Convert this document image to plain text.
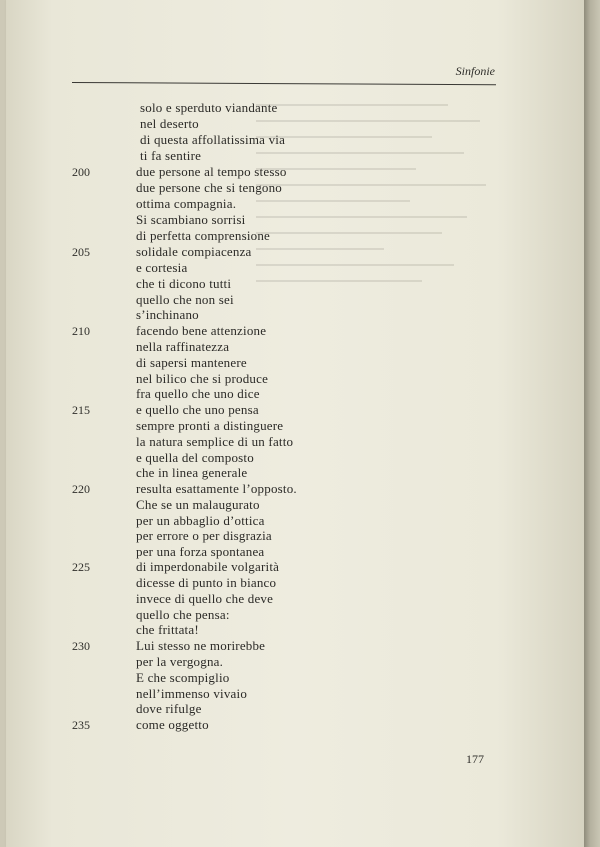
Sinfonie
200
205
210
215
220
225
230
235
solo e sperduto viandante
nel deserto
di questa affollatissima via
ti fa sentire
due persone al tempo stesso
due persone che si tengono
ottima compagnia.
Si scambiano sorrisi
di perfetta comprensione
solidale compiacenza
e cortesia
che ti dicono tutti
quello che non sei
s’inchinano
facendo bene attenzione
nella raffinatezza
di sapersi mantenere
nel bilico che si produce
fra quello che uno dice
e quello che uno pensa
sempre pronti a distinguere
la natura semplice di un fatto
e quella del composto
che in linea generale
resulta esattamente l’opposto.
Che se un malaugurato
per un abbaglio d’ottica
per errore o per disgrazia
per una forza spontanea
di imperdonabile volgarità
dicesse di punto in bianco
invece di quello che deve
quello che pensa:
che frittata!
Lui stesso ne morirebbe
per la vergogna.
E che scompiglio
nell’immenso vivaio
dove rifulge
come oggetto
177
